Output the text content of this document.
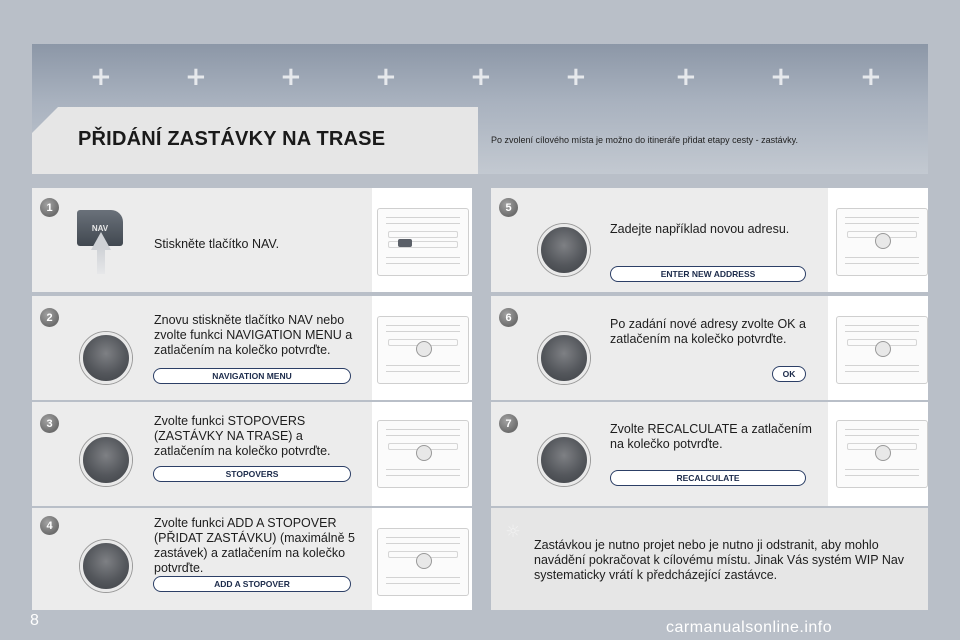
+	+	+	+	+	+	+	+	+
PŘIDÁNÍ ZASTÁVKY NA TRASE	Po zvolení cílového místa je možno do itineráře přidat etapy cesty - zastávky.
1
NAV
Stiskněte tlačítko NAV.
2	Znovu stiskněte tlačítko NAV nebo zvolte funkci NAVIGATION MENU a zatlačením na kolečko potvrďte.
NAVIGATION MENU
3	Zvolte funkci STOPOVERS (ZASTÁVKY NA TRASE) a zatlačením na kolečko potvrďte.
STOPOVERS
4	Zvolte funkci ADD A STOPOVER (PŘIDAT ZASTÁVKU) (maximálně 5 zastávek) a zatlačením na kolečko potvrďte.
ADD A STOPOVER
5
Zadejte například novou adresu.
ENTER NEW ADDRESS
6	Po zadání nové adresy zvolte OK a zatlačením na kolečko potvrďte.
OK
7	Zvolte RECALCULATE a zatlačením na kolečko potvrďte.
RECALCULATE
☼
Zastávkou je nutno projet nebo je nutno ji odstranit, aby mohlo navádění pokračovat k cílovému místu. Jinak Vás systém WIP Nav systematicky vrátí k předcházející zastávce.
8	carmanualsonline.info
